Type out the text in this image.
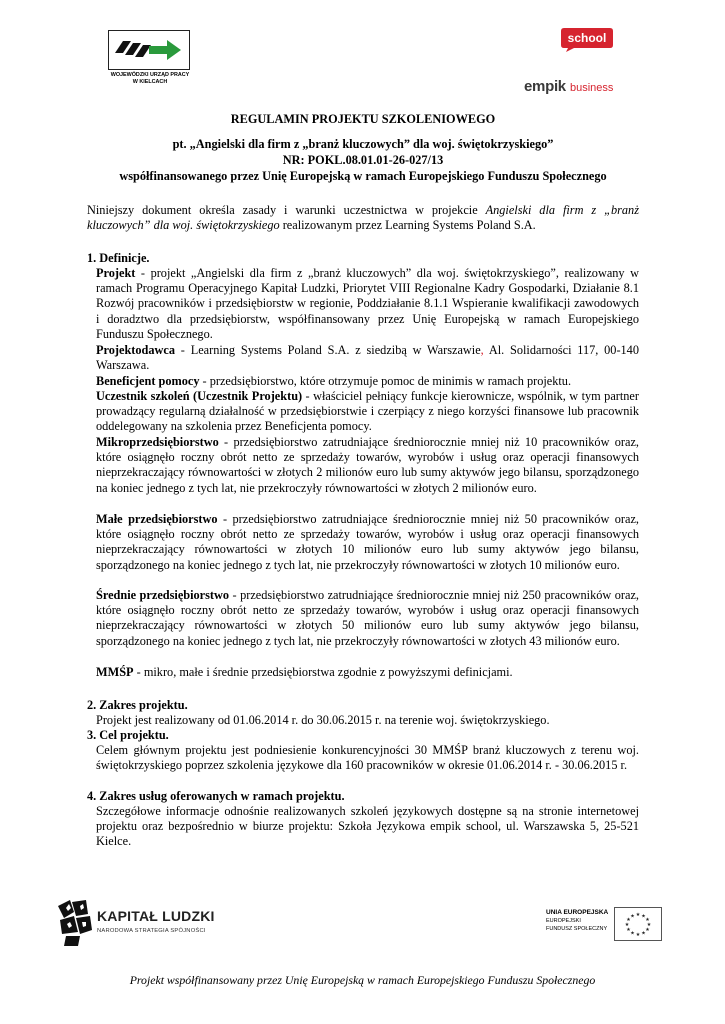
WOJEWÓDZKI URZĄD PRACY
W KIELCACH
school
empik business
REGULAMIN PROJEKTU SZKOLENIOWEGO
pt. „Angielski dla firm z „branż kluczowych” dla woj. świętokrzyskiego”
NR: POKL.08.01.01-26-027/13
współfinansowanego przez Unię Europejską w ramach Europejskiego Funduszu Społecznego
Niniejszy dokument określa zasady i warunki uczestnictwa w projekcie Angielski dla firm z „branż kluczowych” dla woj. świętokrzyskiego realizowanym przez Learning Systems Poland S.A.
1. Definicje.
Projekt - projekt „Angielski dla firm z „branż kluczowych” dla woj. świętokrzyskiego”, realizowany w ramach Programu Operacyjnego Kapitał Ludzki, Priorytet VIII Regionalne Kadry Gospodarki, Działanie 8.1 Rozwój pracowników i przedsiębiorstw w regionie, Poddziałanie 8.1.1 Wspieranie kwalifikacji zawodowych i doradztwo dla przedsiębiorstw, współfinansowany przez Unię Europejską w ramach Europejskiego Funduszu Społecznego.
Projektodawca - Learning Systems Poland S.A. z siedzibą w Warszawie, Al. Solidarności 117, 00-140 Warszawa.
Beneficjent pomocy - przedsiębiorstwo, które otrzymuje pomoc de minimis w ramach projektu.
Uczestnik szkoleń (Uczestnik Projektu) - właściciel pełniący funkcje kierownicze, wspólnik, w tym partner prowadzący regularną działalność w przedsiębiorstwie i czerpiący z niego korzyści finansowe lub pracownik oddelegowany na szkolenia przez Beneficjenta pomocy.
Mikroprzedsiębiorstwo - przedsiębiorstwo zatrudniające średniorocznie mniej niż 10 pracowników oraz, które osiągnęło roczny obrót netto ze sprzedaży towarów, wyrobów i usług oraz operacji finansowych nieprzekraczający równowartości w złotych 2 milionów euro lub sumy aktywów jego bilansu, sporządzonego na koniec jednego z tych lat, nie przekroczyły równowartości w złotych 2 milionów euro.
Małe przedsiębiorstwo - przedsiębiorstwo zatrudniające średniorocznie mniej niż 50 pracowników oraz, które osiągnęło roczny obrót netto ze sprzedaży towarów, wyrobów i usług oraz operacji finansowych nieprzekraczający równowartości w złotych 10 milionów euro lub sumy aktywów jego bilansu, sporządzonego na koniec jednego z tych lat, nie przekroczyły równowartości w złotych 10 milionów euro.
Średnie przedsiębiorstwo - przedsiębiorstwo zatrudniające średniorocznie mniej niż 250 pracowników oraz, które osiągnęło roczny obrót netto ze sprzedaży towarów, wyrobów i usług oraz operacji finansowych nieprzekraczający równowartości w złotych 50 milionów euro lub sumy aktywów jego bilansu, sporządzonego na koniec jednego z tych lat, nie przekroczyły równowartości w złotych 43 milionów euro.
MMŚP - mikro, małe i średnie przedsiębiorstwa zgodnie z powyższymi definicjami.
2. Zakres projektu.
Projekt jest realizowany od 01.06.2014 r. do 30.06.2015 r. na terenie woj. świętokrzyskiego.
3. Cel projektu.
Celem głównym projektu jest podniesienie konkurencyjności 30 MMŚP branż kluczowych z terenu woj. świętokrzyskiego poprzez szkolenia językowe dla 160 pracowników w okresie 01.06.2014 r. - 30.06.2015 r.
4. Zakres usług oferowanych w ramach projektu.
Szczegółowe informacje odnośnie realizowanych szkoleń językowych dostępne są na stronie internetowej projektu oraz bezpośrednio w biurze projektu: Szkoła Językowa empik school, ul. Warszawska 5, 25-521 Kielce.
KAPITAŁ LUDZKI
NARODOWA STRATEGIA SPÓJNOŚCI
UNIA EUROPEJSKA
EUROPEJSKI
FUNDUSZ SPOŁECZNY
★ ★
★
★
★
★
★
★
★
★
★
★
Projekt współfinansowany przez Unię Europejską w ramach Europejskiego Funduszu Społecznego
